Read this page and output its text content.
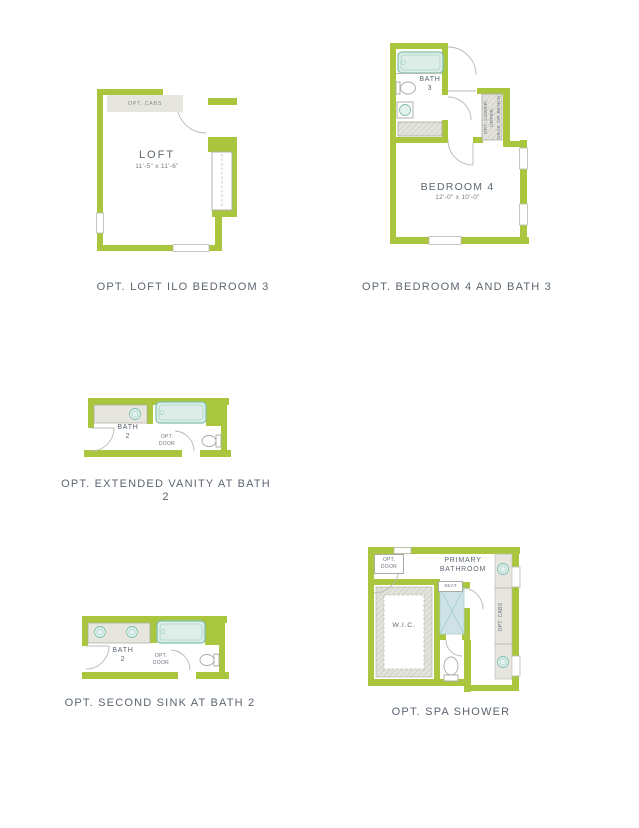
OPT. CABS
LOFT
11'-5" x 11'-6"
OPT. LOFT ILO BEDROOM 3
BATH
3
OPT. LOWER, UPPER, DESK OR BENCH
BEDROOM 4
12'-0" x 10'-0"
OPT. BEDROOM 4 AND BATH 3
BATH
2	OPT.
DOOR
OPT. EXTENDED VANITY AT BATH 2
BATH
2	OPT.
DOOR
OPT. SECOND SINK AT BATH 2
OPT.
DOOR
PRIMARY
BATHROOM
SEAT
W.I.C.	OPT. CABS
OPT. SPA SHOWER
